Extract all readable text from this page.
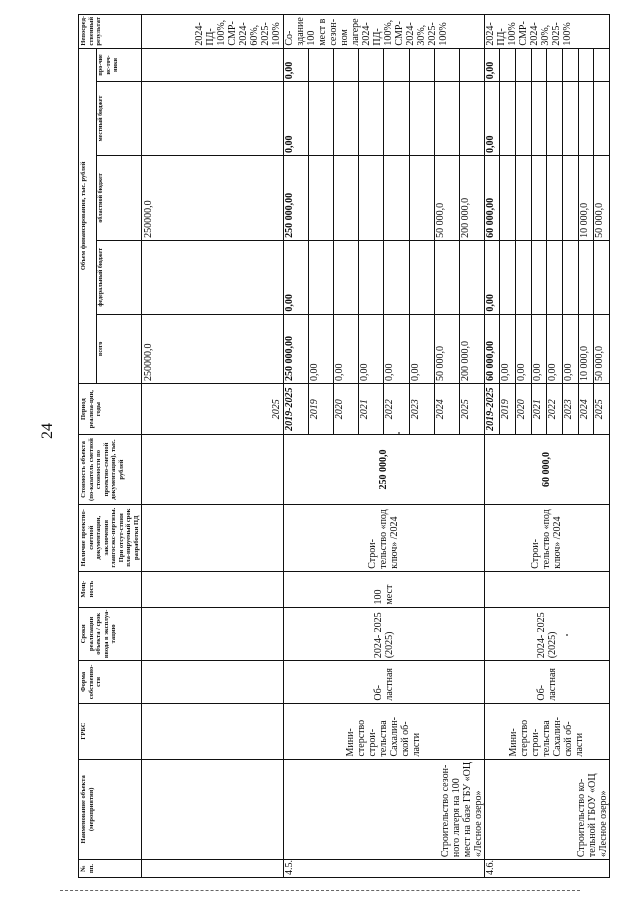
24
№ пп.	Наименование объекта (мероприятия)	ГРБС	Форма собственно-сти	Сроки реализации объекта / срок ввода в эксплуа-тацию	Мощ-ность	Наличие проектно-сметной документации, заключения главгосэкс-пертизы. При отсут-ствии пла-нируемый срок разработки ПД	Стоимость объекта (по-казатель сметной стоимости по проектно-сметной документации), тыс. рублей	Период реализа-ции, годы	Объем финансирования, тыс. рублей					Непосред-ственный результат
									всего	федеральный бюджет	областной бюджет	местный бюджет	про-чие ис-точ-ники	
								2025	250000,0		250000,0			2024- ПД- 100%, СМР- 2024- 60%, 2025- 100%
4.5.	Строительство сезон-ного лагеря на 100 мест на базе ГБУ «ОЦ «Лесное озеро»	Мини-стерство строи-тельства Сахалин-ской об-ласти	Об-ластная	2024- 2025 (2025)	100 мест	Строи-тельство «под ключ» /2024	250 000,0	2019-2025	250 000,00	0,00	250 000,00	0,00	0,00	Со-здание 100 мест в сезон-ном лагере 2024- ПД- 100%, СМР- 2024- 30%, 2025- 100%
								2019	0,00					
								2020	0,00					
								2021	0,00					
								2022	0,00					
								2023	0,00					
								2024	50 000,0		50 000,0			
								2025	200 000,0		200 000,0			
4.6.	Строительство ко-тельной ГБОУ «ОЦ «Лесное озеро»	Мини-стерство строи-тельства Сахалин-ской об-ласти	Об-ластная	2024- 2025 (2025)		Строи-тельство «под ключ» /2024	60 000,0	2019-2025	60 000,00	0,00	60 000,00	0,00	0,00	2024- ПД- 100% СМР- 2024- 30%, 2025- 100%
								2019	0,00					
								2020	0,00					
								2021	0,00					
								2022	0,00					
								2023	0,00					
								2024	10 000,0		10 000,0			
								2025	50 000,0		50 000,0			
